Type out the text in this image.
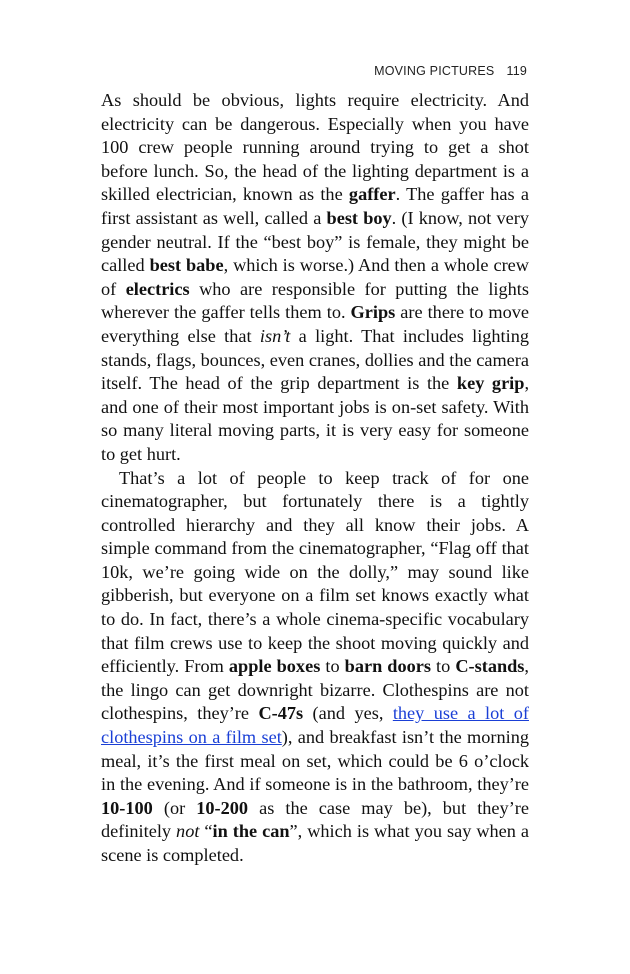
MOVING PICTURES 119

As should be obvious, lights require electricity. And electricity can be dangerous. Especially when you have 100 crew people running around trying to get a shot before lunch. So, the head of the lighting department is a skilled electrician, known as the gaffer. The gaffer has a first assistant as well, called a best boy. (I know, not very gender neutral. If the “best boy” is female, they might be called best babe, which is worse.) And then a whole crew of electrics who are responsible for putting the lights wherever the gaffer tells them to. Grips are there to move everything else that isn’t a light. That includes lighting stands, flags, bounces, even cranes, dollies and the camera itself. The head of the grip department is the key grip, and one of their most important jobs is on-set safety. With so many literal moving parts, it is very easy for someone to get hurt.

That’s a lot of people to keep track of for one cinematographer, but fortunately there is a tightly controlled hierarchy and they all know their jobs. A simple command from the cinematographer, “Flag off that 10k, we’re going wide on the dolly,” may sound like gibberish, but everyone on a film set knows exactly what to do. In fact, there’s a whole cinema-specific vocabulary that film crews use to keep the shoot moving quickly and efficiently. From apple boxes to barn doors to C-stands, the lingo can get downright bizarre. Clothespins are not clothespins, they’re C-47s (and yes, they use a lot of clothespins on a film set), and breakfast isn’t the morning meal, it’s the first meal on set, which could be 6 o’clock in the evening. And if someone is in the bathroom, they’re 10-100 (or 10-200 as the case may be), but they’re definitely not “in the can”, which is what you say when a scene is completed.
